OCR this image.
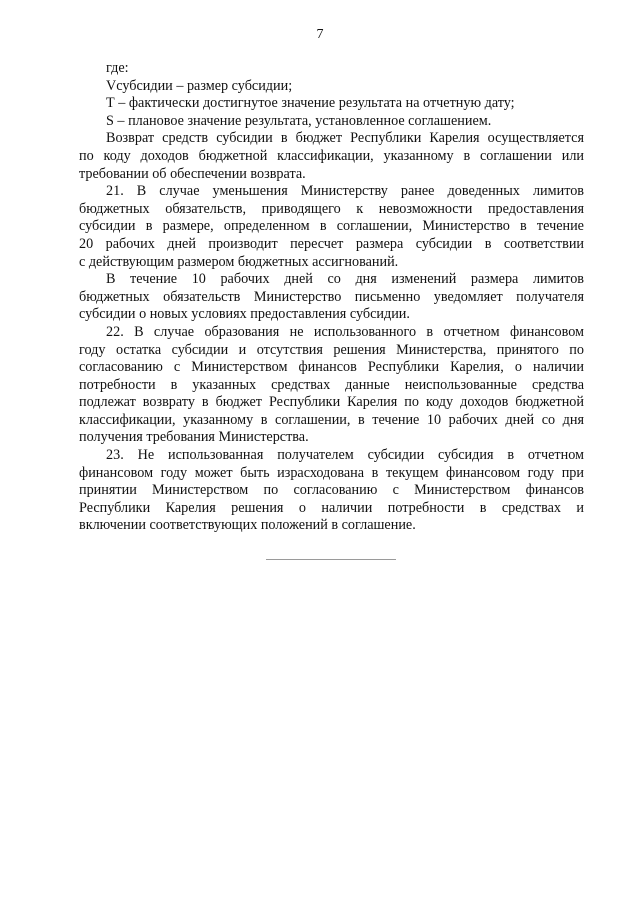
7

где:

Vсубсидии – размер субсидии;

Т – фактически достигнутое значение результата на отчетную дату;

S – плановое значение результата, установленное соглашением.

Возврат средств субсидии в бюджет Республики Карелия осуществляется

по коду доходов бюджетной классификации, указанному в соглашении или

требовании об обеспечении возврата.

21. В случае уменьшения Министерству ранее доведенных лимитов

бюджетных обязательств, приводящего к невозможности предоставления

субсидии в размере, определенном в соглашении, Министерство в течение

20 рабочих дней производит пересчет размера субсидии в соответствии

с действующим размером бюджетных ассигнований.

В течение 10 рабочих дней со дня изменений размера лимитов

бюджетных обязательств Министерство письменно уведомляет получателя

субсидии о новых условиях предоставления субсидии.

22. В случае образования не использованного в отчетном финансовом

году остатка субсидии и отсутствия решения Министерства, принятого по

согласованию с Министерством финансов Республики Карелия, о наличии

потребности в указанных средствах данные неиспользованные средства

подлежат возврату в бюджет Республики Карелия по коду доходов бюджетной

классификации, указанному в соглашении, в течение 10 рабочих дней со дня

получения требования Министерства.

23. Не использованная получателем субсидии субсидия в отчетном

финансовом году может быть израсходована в текущем финансовом году при

принятии Министерством по согласованию с Министерством финансов

Республики Карелия решения о наличии потребности в средствах и

включении соответствующих положений в соглашение.
